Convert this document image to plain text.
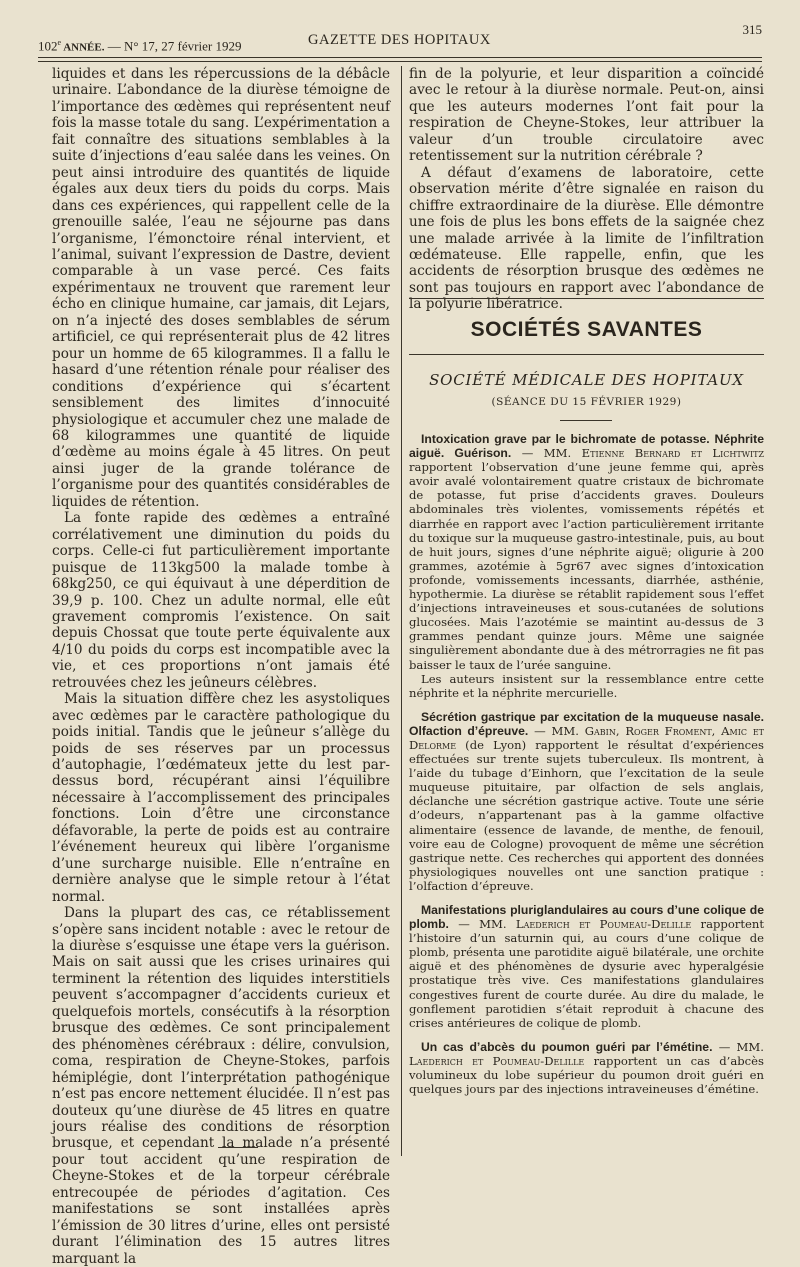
102e ANNÉE. — N° 17, 27 février 1929	GAZETTE DES HOPITAUX
315

liquides et dans les répercussions de la débâcle urinaire. L’abondance de la diurèse témoigne de l’importance des œdèmes qui représentent neuf fois la masse totale du sang. L’expérimentation a fait connaître des situations semblables à la suite d’injections d’eau salée dans les veines. On peut ainsi introduire des quantités de liquide égales aux deux tiers du poids du corps. Mais dans ces expériences, qui rappellent celle de la grenouille salée, l’eau ne séjourne pas dans l’organisme, l’émonctoire rénal intervient, et l’animal, suivant l’expression de Dastre, devient comparable à un vase percé. Ces faits expérimentaux ne trouvent que rarement leur écho en clinique humaine, car jamais, dit Lejars, on n’a injecté des doses semblables de sérum artificiel, ce qui représenterait plus de 42 litres pour un homme de 65 kilogrammes. Il a fallu le hasard d’une rétention rénale pour réaliser des conditions d’expérience qui s’écartent sensiblement des limites d’innocuité physiologique et accumuler chez une malade de 68 kilogrammes une quantité de liquide d’œdème au moins égale à 45 litres. On peut ainsi juger de la grande tolérance de l’organisme pour des quantités considérables de liquides de rétention.

La fonte rapide des œdèmes a entraîné corrélativement une diminution du poids du corps. Celle-ci fut particulièrement importante puisque de 113kg500 la malade tombe à 68kg250, ce qui équivaut à une déperdition de 39,9 p. 100. Chez un adulte normal, elle eût gravement compromis l’existence. On sait depuis Chossat que toute perte équivalente aux 4/10 du poids du corps est incompatible avec la vie, et ces proportions n’ont jamais été retrouvées chez les jeûneurs célèbres.

Mais la situation diffère chez les asystoliques avec œdèmes par le caractère pathologique du poids initial. Tandis que le jeûneur s’allège du poids de ses réserves par un processus d’autophagie, l’œdémateux jette du lest par-dessus bord, récupérant ainsi l’équilibre nécessaire à l’accomplissement des principales fonctions. Loin d’être une circonstance défavorable, la perte de poids est au contraire l’événement heureux qui libère l’organisme d’une surcharge nuisible. Elle n’entraîne en dernière analyse que le simple retour à l’état normal.

Dans la plupart des cas, ce rétablissement s’opère sans incident notable : avec le retour de la diurèse s’esquisse une étape vers la guérison. Mais on sait aussi que les crises urinaires qui terminent la rétention des liquides interstitiels peuvent s’accompagner d’accidents curieux et quelquefois mortels, consécutifs à la résorption brusque des œdèmes. Ce sont principalement des phénomènes cérébraux : délire, convulsion, coma, respiration de Cheyne-Stokes, parfois hémiplégie, dont l’interprétation pathogénique n’est pas encore nettement élucidée. Il n’est pas douteux qu’une diurèse de 45 litres en quatre jours réalise des conditions de résorption brusque, et cependant la malade n’a présenté pour tout accident qu’une respiration de Cheyne-Stokes et de la torpeur cérébrale entrecoupée de périodes d’agitation. Ces manifestations se sont installées après l’émission de 30 litres d’urine, elles ont persisté durant l’élimination des 15 autres litres marquant la

fin de la polyurie, et leur disparition a coïncidé avec le retour à la diurèse normale. Peut-on, ainsi que les auteurs modernes l’ont fait pour la respiration de Cheyne-Stokes, leur attribuer la valeur d’un trouble circulatoire avec retentissement sur la nutrition cérébrale ?

A défaut d’examens de laboratoire, cette observation mérite d’être signalée en raison du chiffre extraordinaire de la diurèse. Elle démontre une fois de plus les bons effets de la saignée chez une malade arrivée à la limite de l’infiltration œdémateuse. Elle rappelle, enfin, que les accidents de résorption brusque des œdèmes ne sont pas toujours en rapport avec l’abondance de la polyurie libératrice.

SOCIÉTÉS SAVANTES
SOCIÉTÉ MÉDICALE DES HOPITAUX
(SÉANCE DU 15 FÉVRIER 1929)

Intoxication grave par le bichromate de potasse. Néphrite aiguë. Guérison. — MM. Etienne Bernard et Lichtwitz rapportent l’observation d’une jeune femme qui, après avoir avalé volontairement quatre cristaux de bichromate de potasse, fut prise d’accidents graves. Douleurs abdominales très violentes, vomissements répétés et diarrhée en rapport avec l’action particulièrement irritante du toxique sur la muqueuse gastro-intestinale, puis, au bout de huit jours, signes d’une néphrite aiguë; oligurie à 200 grammes, azotémie à 5gr67 avec signes d’intoxication profonde, vomissements incessants, diarrhée, asthénie, hypothermie. La diurèse se rétablit rapidement sous l’effet d’injections intraveineuses et sous-cutanées de solutions glucosées. Mais l’azotémie se maintint au-dessus de 3 grammes pendant quinze jours. Même une saignée singulièrement abondante due à des métrorragies ne fit pas baisser le taux de l’urée sanguine.

Les auteurs insistent sur la ressemblance entre cette néphrite et la néphrite mercurielle.

Sécrétion gastrique par excitation de la muqueuse nasale. Olfaction d’épreuve. — MM. Gabin, Roger Froment, Amic et Delorme (de Lyon) rapportent le résultat d’expériences effectuées sur trente sujets tuberculeux. Ils montrent, à l’aide du tubage d’Einhorn, que l’excitation de la seule muqueuse pituitaire, par olfaction de sels anglais, déclanche une sécrétion gastrique active. Toute une série d’odeurs, n’appartenant pas à la gamme olfactive alimentaire (essence de lavande, de menthe, de fenouil, voire eau de Cologne) provoquent de même une sécrétion gastrique nette. Ces recherches qui apportent des données physiologiques nouvelles ont une sanction pratique : l’olfaction d’épreuve.

Manifestations pluriglandulaires au cours d’une colique de plomb. — MM. Laederich et Poumeau-Delille rapportent l’histoire d’un saturnin qui, au cours d’une colique de plomb, présenta une parotidite aiguë bilatérale, une orchite aiguë et des phénomènes de dysurie avec hyperalgésie prostatique très vive. Ces manifestations glandulaires congestives furent de courte durée. Au dire du malade, le gonflement parotidien s’était reproduit à chacune des crises antérieures de colique de plomb.

Un cas d’abcès du poumon guéri par l’émétine. — MM. Laederich et Poumeau-Delille rapportent un cas d’abcès volumineux du lobe supérieur du poumon droit guéri en quelques jours par des injections intraveineuses d’émétine.
